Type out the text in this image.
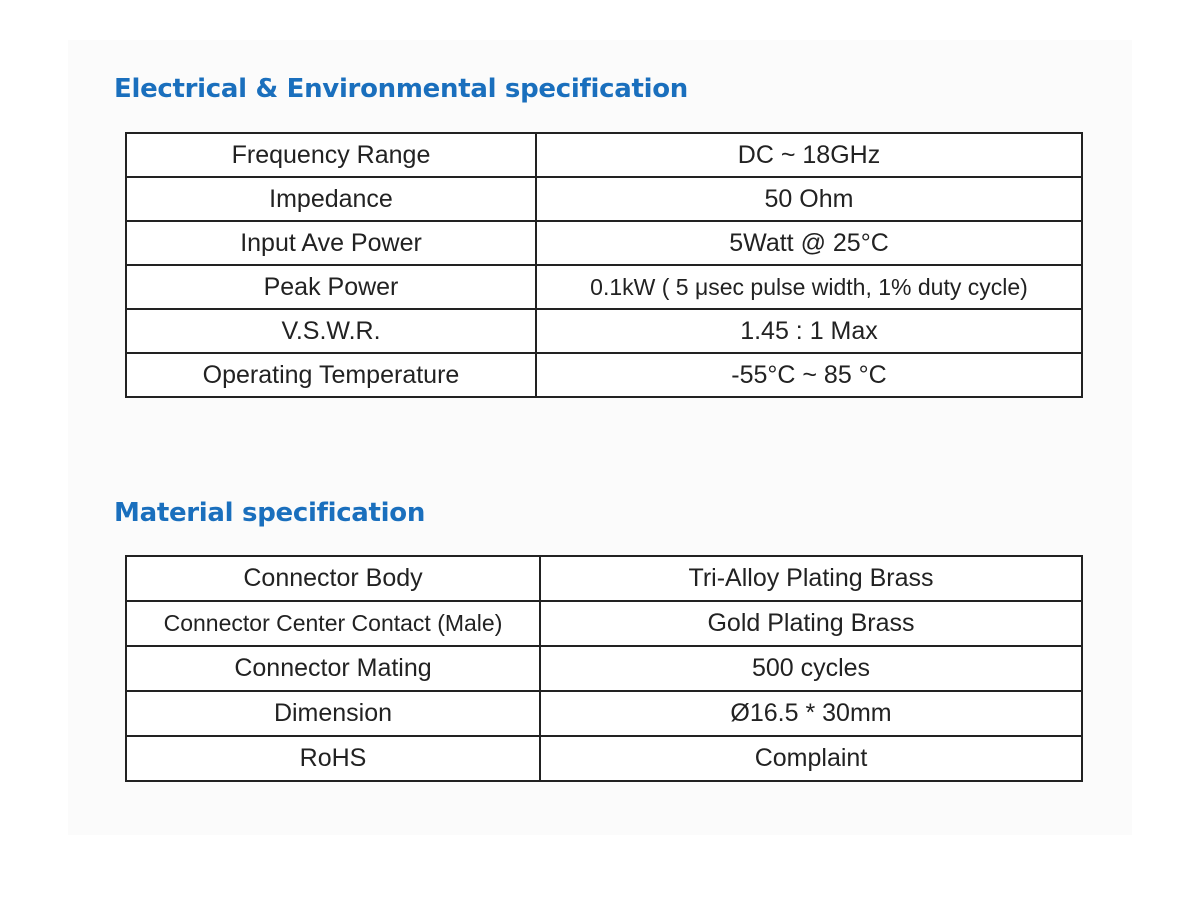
Electrical & Environmental specification
Frequency Range	DC ~ 18GHz
Impedance	50 Ohm
Input Ave Power	5Watt @ 25°C
Peak Power	0.1kW ( 5 μsec pulse width, 1% duty cycle)
V.S.W.R.	1.45 : 1 Max
Operating Temperature	-55°C ~ 85 °C
Material specification
Connector Body	Tri-Alloy Plating Brass
Connector Center Contact (Male)	Gold Plating Brass
Connector Mating	500 cycles
Dimension	Ø16.5 * 30mm
RoHS	Complaint
